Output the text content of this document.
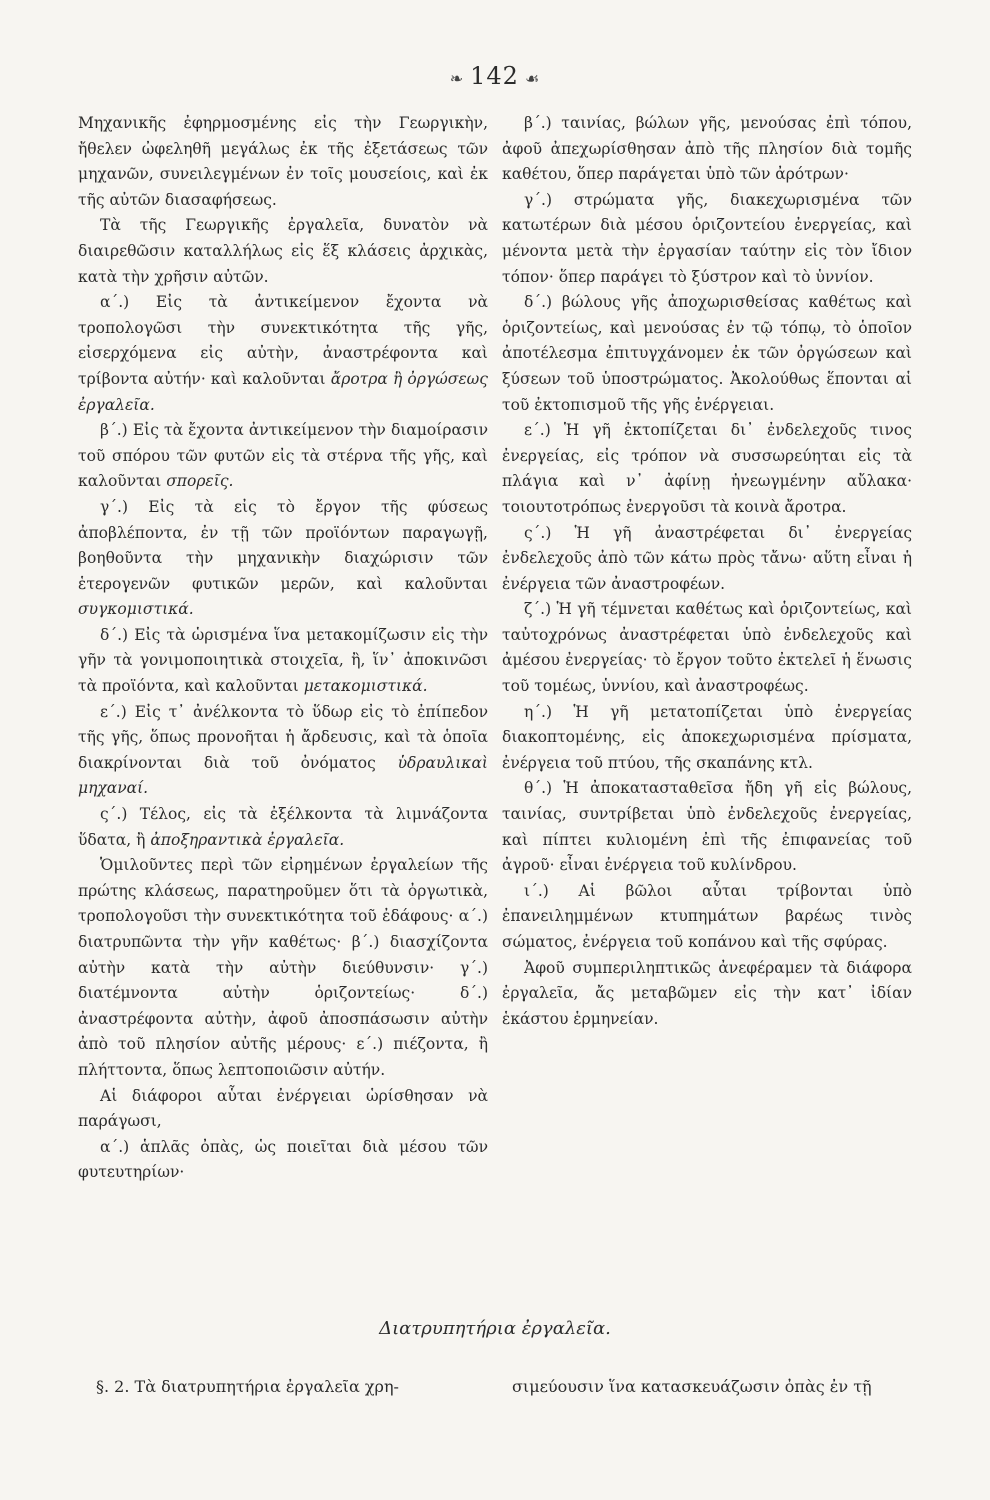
❧ 142 ☙

Μηχανικῆς ἐφηρμοσμένης εἰς τὴν Γεωργικὴν, ἤθελεν ὠφεληθῆ μεγάλως ἐκ τῆς ἐξετάσεως τῶν μηχανῶν, συνειλεγμένων ἐν τοῖς μουσείοις, καὶ ἐκ τῆς αὐτῶν διασαφήσεως.

Τὰ τῆς Γεωργικῆς ἐργαλεῖα, δυνατὸν νὰ διαιρεθῶσιν καταλλήλως εἰς ἕξ κλάσεις ἀρχικὰς, κατὰ τὴν χρῆσιν αὐτῶν.

α΄.) Εἰς τὰ ἀντικείμενον ἔχοντα νὰ τροπολογῶσι τὴν συνεκτικότητα τῆς γῆς, εἰσερχόμενα εἰς αὐτὴν, ἀναστρέφοντα καὶ τρίβοντα αὐτήν· καὶ καλοῦνται ἄροτρα ἢ ὀργώσεως ἐργαλεῖα.

β΄.) Εἰς τὰ ἔχοντα ἀντικείμενον τὴν διαμοίρασιν τοῦ σπόρου τῶν φυτῶν εἰς τὰ στέρνα τῆς γῆς, καὶ καλοῦνται σπορεῖς.

γ΄.) Εἰς τὰ εἰς τὸ ἔργον τῆς φύσεως ἀποβλέποντα, ἐν τῇ τῶν προϊόντων παραγωγῇ, βοηθοῦντα τὴν μηχανικὴν διαχώρισιν τῶν ἑτερογενῶν φυτικῶν μερῶν, καὶ καλοῦνται συγκομιστικά.

δ΄.) Εἰς τὰ ὡρισμένα ἵνα μετακομίζωσιν εἰς τὴν γῆν τὰ γονιμοποιητικὰ στοιχεῖα, ἢ, ἵν᾽ ἀποκινῶσι τὰ προϊόντα, καὶ καλοῦνται μετακομιστικά.

ε΄.) Εἰς τ᾽ ἀνέλκοντα τὸ ὕδωρ εἰς τὸ ἐπίπεδον τῆς γῆς, ὅπως προνοῆται ἡ ἄρδευσις, καὶ τὰ ὁποῖα διακρίνονται διὰ τοῦ ὀνόματος ὑδραυλικαὶ μηχαναί.

ς΄.) Τέλος, εἰς τὰ ἐξέλκοντα τὰ λιμνάζοντα ὕδατα, ἢ ἀποξηραντικὰ ἐργαλεῖα.

Ὁμιλοῦντες περὶ τῶν εἰρημένων ἐργαλείων τῆς πρώτης κλάσεως, παρατηροῦμεν ὅτι τὰ ὀργωτικὰ, τροπολογοῦσι τὴν συνεκτικότητα τοῦ ἐδάφους· α΄.) διατρυπῶντα τὴν γῆν καθέτως· β΄.) διασχίζοντα αὐτὴν κατὰ τὴν αὐτὴν διεύθυνσιν· γ΄.) διατέμνοντα αὐτὴν ὁριζοντείως· δ΄.) ἀναστρέφοντα αὐτὴν, ἀφοῦ ἀποσπάσωσιν αὐτὴν ἀπὸ τοῦ πλησίον αὐτῆς μέρους· ε΄.) πιέζοντα, ἢ πλήττοντα, ὅπως λεπτοποιῶσιν αὐτήν.

Αἱ διάφοροι αὗται ἐνέργειαι ὡρίσθησαν νὰ παράγωσι,

α΄.) ἁπλᾶς ὀπὰς, ὡς ποιεῖται διὰ μέσου τῶν φυτευτηρίων·

β΄.) ταινίας, βώλων γῆς, μενούσας ἐπὶ τόπου, ἀφοῦ ἀπεχωρίσθησαν ἀπὸ τῆς πλησίον διὰ τομῆς καθέτου, ὅπερ παράγεται ὑπὸ τῶν ἀρότρων·

γ΄.) στρώματα γῆς, διακεχωρισμένα τῶν κατωτέρων διὰ μέσου ὁριζοντείου ἐνεργείας, καὶ μένοντα μετὰ τὴν ἐργασίαν ταύτην εἰς τὸν ἴδιον τόπον· ὅπερ παράγει τὸ ξύστρον καὶ τὸ ὑννίον.

δ΄.) βώλους γῆς ἀποχωρισθείσας καθέτως καὶ ὁριζοντείως, καὶ μενούσας ἐν τῷ τόπῳ, τὸ ὁποῖον ἀποτέλεσμα ἐπιτυγχάνομεν ἐκ τῶν ὀργώσεων καὶ ξύσεων τοῦ ὑποστρώματος. Ἀκολούθως ἕπονται αἱ τοῦ ἐκτοπισμοῦ τῆς γῆς ἐνέργειαι.

ε΄.) Ἡ γῆ ἐκτοπίζεται δι᾽ ἐνδελεχοῦς τινος ἐνεργείας, εἰς τρόπον νὰ συσσωρεύηται εἰς τὰ πλάγια καὶ ν᾽ ἀφίνῃ ἠνεωγμένην αὔλακα· τοιουτοτρόπως ἐνεργοῦσι τὰ κοινὰ ἄροτρα.

ς΄.) Ἡ γῆ ἀναστρέφεται δι᾽ ἐνεργείας ἐνδελεχοῦς ἀπὸ τῶν κάτω πρὸς τἄνω· αὕτη εἶναι ἡ ἐνέργεια τῶν ἀναστροφέων.

ζ΄.) Ἡ γῆ τέμνεται καθέτως καὶ ὁριζοντείως, καὶ ταὐτοχρόνως ἀναστρέφεται ὑπὸ ἐνδελεχοῦς καὶ ἀμέσου ἐνεργείας· τὸ ἔργον τοῦτο ἐκτελεῖ ἡ ἕνωσις τοῦ τομέως, ὑννίου, καὶ ἀναστροφέως.

η΄.) Ἡ γῆ μετατοπίζεται ὑπὸ ἐνεργείας διακοπτομένης, εἰς ἀποκεχωρισμένα πρίσματα, ἐνέργεια τοῦ πτύου, τῆς σκαπάνης κτλ.

θ΄.) Ἡ ἀποκατασταθεῖσα ἤδη γῆ εἰς βώλους, ταινίας, συντρίβεται ὑπὸ ἐνδελεχοῦς ἐνεργείας, καὶ πίπτει κυλιομένη ἐπὶ τῆς ἐπιφανείας τοῦ ἀγροῦ· εἶναι ἐνέργεια τοῦ κυλίνδρου.

ι΄.) Αἱ βῶλοι αὗται τρίβονται ὑπὸ ἐπανειλημμένων κτυπημάτων βαρέως τινὸς σώματος, ἐνέργεια τοῦ κοπάνου καὶ τῆς σφύρας.

Ἀφοῦ συμπεριληπτικῶς ἀνεφέραμεν τὰ διάφορα ἐργαλεῖα, ἄς μεταβῶμεν εἰς τὴν κατ᾽ ἰδίαν ἑκάστου ἑρμηνείαν.

Διατρυπητήρια ἐργαλεῖα.
§. 2. Τὰ διατρυπητήρια ἐργαλεῖα χρη-	σιμεύουσιν ἵνα κατασκευάζωσιν ὀπὰς ἐν τῇ
